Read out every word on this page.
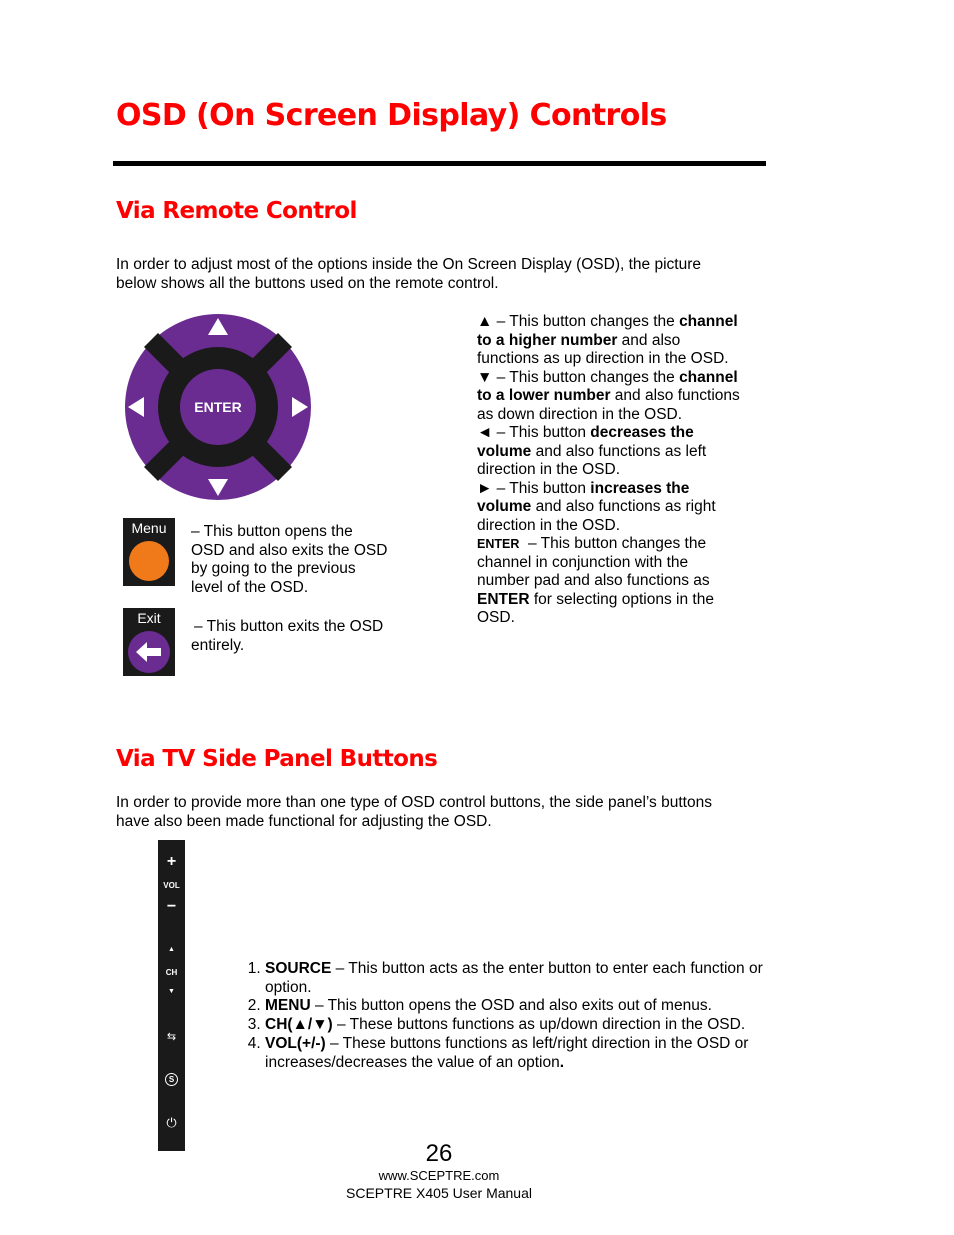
OSD (On Screen Display) Controls
Via Remote Control
In order to adjust most of the options inside the On Screen Display (OSD), the picture
below shows all the buttons used on the remote control.
ENTER
Menu	– This button opens the
OSD and also exits the OSD
by going to the previous
level of the OSD.
Exit	– This button exits the OSD
entirely.
▲ – This button changes the channel
to a higher number and also
functions as up direction in the OSD.
▼ – This button changes the channel
to a lower number and also functions
as down direction in the OSD.
◄ – This button decreases the
volume and also functions as left
direction in the OSD.
► – This button increases the
volume and also functions as right
direction in the OSD.
ENTER  – This button changes the
channel in conjunction with the
number pad and also functions as
ENTER for selecting options in the
OSD.
Via TV Side Panel Buttons
In order to provide more than one type of OSD control buttons, the side panel’s buttons
have also been made functional for adjusting the OSD.
+
VOL
−
▲
CH
▼
⇆
S
⏻
1. SOURCE – This button acts as the enter button to enter each function or option.
2. MENU – This button opens the OSD and also exits out of menus.
3. CH(▲/▼) – These buttons functions as up/down direction in the OSD.
4. VOL(+/-) – These buttons functions as left/right direction in the OSD or increases/decreases the value of an option.
26
www.SCEPTRE.com
SCEPTRE X405 User Manual
